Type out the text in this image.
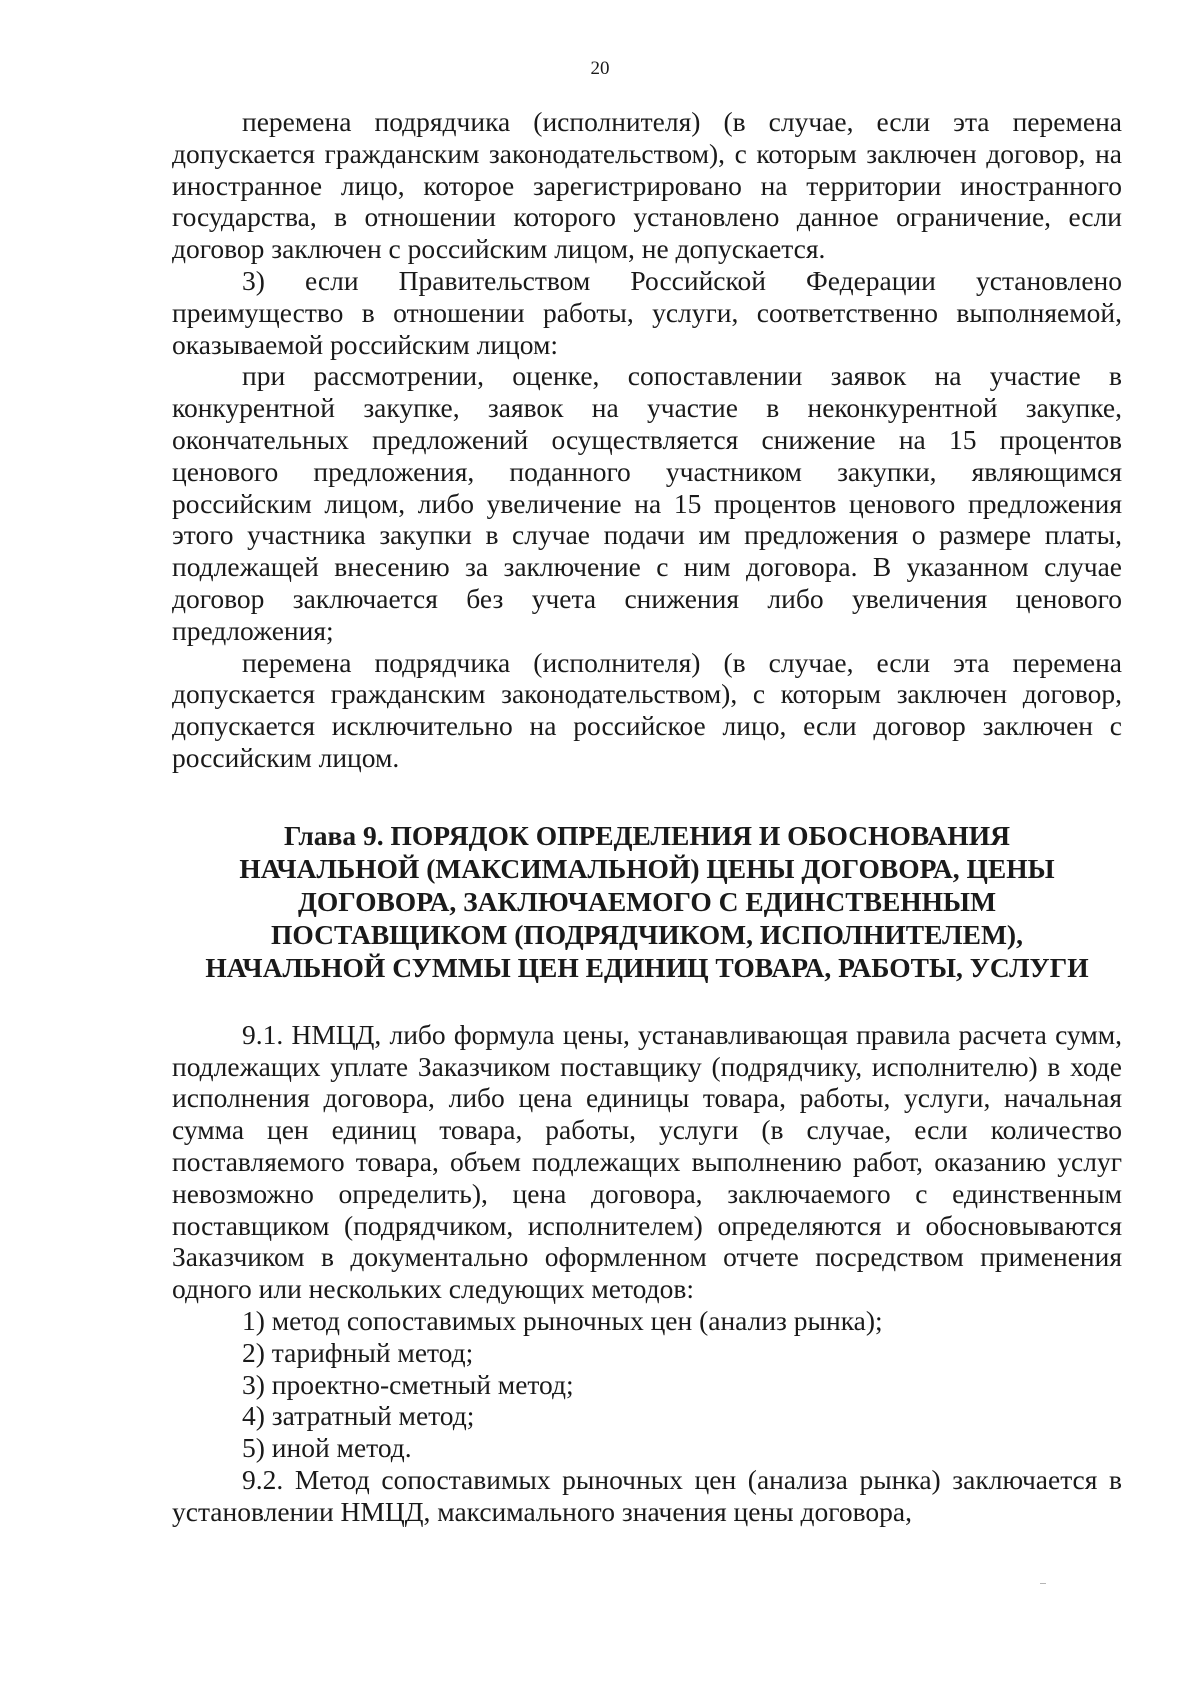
20

перемена подрядчика (исполнителя) (в случае, если эта перемена допускается гражданским законодательством), с которым заключен договор, на иностранное лицо, которое зарегистрировано на территории иностранного государства, в отношении которого установлено данное ограничение, если договор заключен с российским лицом, не допускается.

3) если Правительством Российской Федерации установлено преимущество в отношении работы, услуги, соответственно выполняемой, оказываемой российским лицом:

при рассмотрении, оценке, сопоставлении заявок на участие в конкурентной закупке, заявок на участие в неконкурентной закупке, окончательных предложений осуществляется снижение на 15 процентов ценового предложения, поданного участником закупки, являющимся российским лицом, либо увеличение на 15 процентов ценового предложения этого участника закупки в случае подачи им предложения о размере платы, подлежащей внесению за заключение с ним договора. В указанном случае договор заключается без учета снижения либо увеличения ценового предложения;

перемена подрядчика (исполнителя) (в случае, если эта перемена допускается гражданским законодательством), с которым заключен договор, допускается исключительно на российское лицо, если договор заключен с российским лицом.

Глава 9. ПОРЯДОК ОПРЕДЕЛЕНИЯ И ОБОСНОВАНИЯ
НАЧАЛЬНОЙ (МАКСИМАЛЬНОЙ) ЦЕНЫ ДОГОВОРА, ЦЕНЫ
ДОГОВОРА, ЗАКЛЮЧАЕМОГО С ЕДИНСТВЕННЫМ
ПОСТАВЩИКОМ (ПОДРЯДЧИКОМ, ИСПОЛНИТЕЛЕМ),
НАЧАЛЬНОЙ СУММЫ ЦЕН ЕДИНИЦ ТОВАРА, РАБОТЫ, УСЛУГИ

9.1. НМЦД, либо формула цены, устанавливающая правила расчета сумм, подлежащих уплате Заказчиком поставщику (подрядчику, исполнителю) в ходе исполнения договора, либо цена единицы товара, работы, услуги, начальная сумма цен единиц товара, работы, услуги (в случае, если количество поставляемого товара, объем подлежащих выполнению работ, оказанию услуг невозможно определить), цена договора, заключаемого с единственным поставщиком (подрядчиком, исполнителем) определяются и обосновываются Заказчиком в документально оформленном отчете посредством применения одного или нескольких следующих методов:

1) метод сопоставимых рыночных цен (анализ рынка);

2) тарифный метод;

3) проектно-сметный метод;

4) затратный метод;

5) иной метод.

9.2. Метод сопоставимых рыночных цен (анализа рынка) заключается в установлении НМЦД, максимального значения цены договора,
